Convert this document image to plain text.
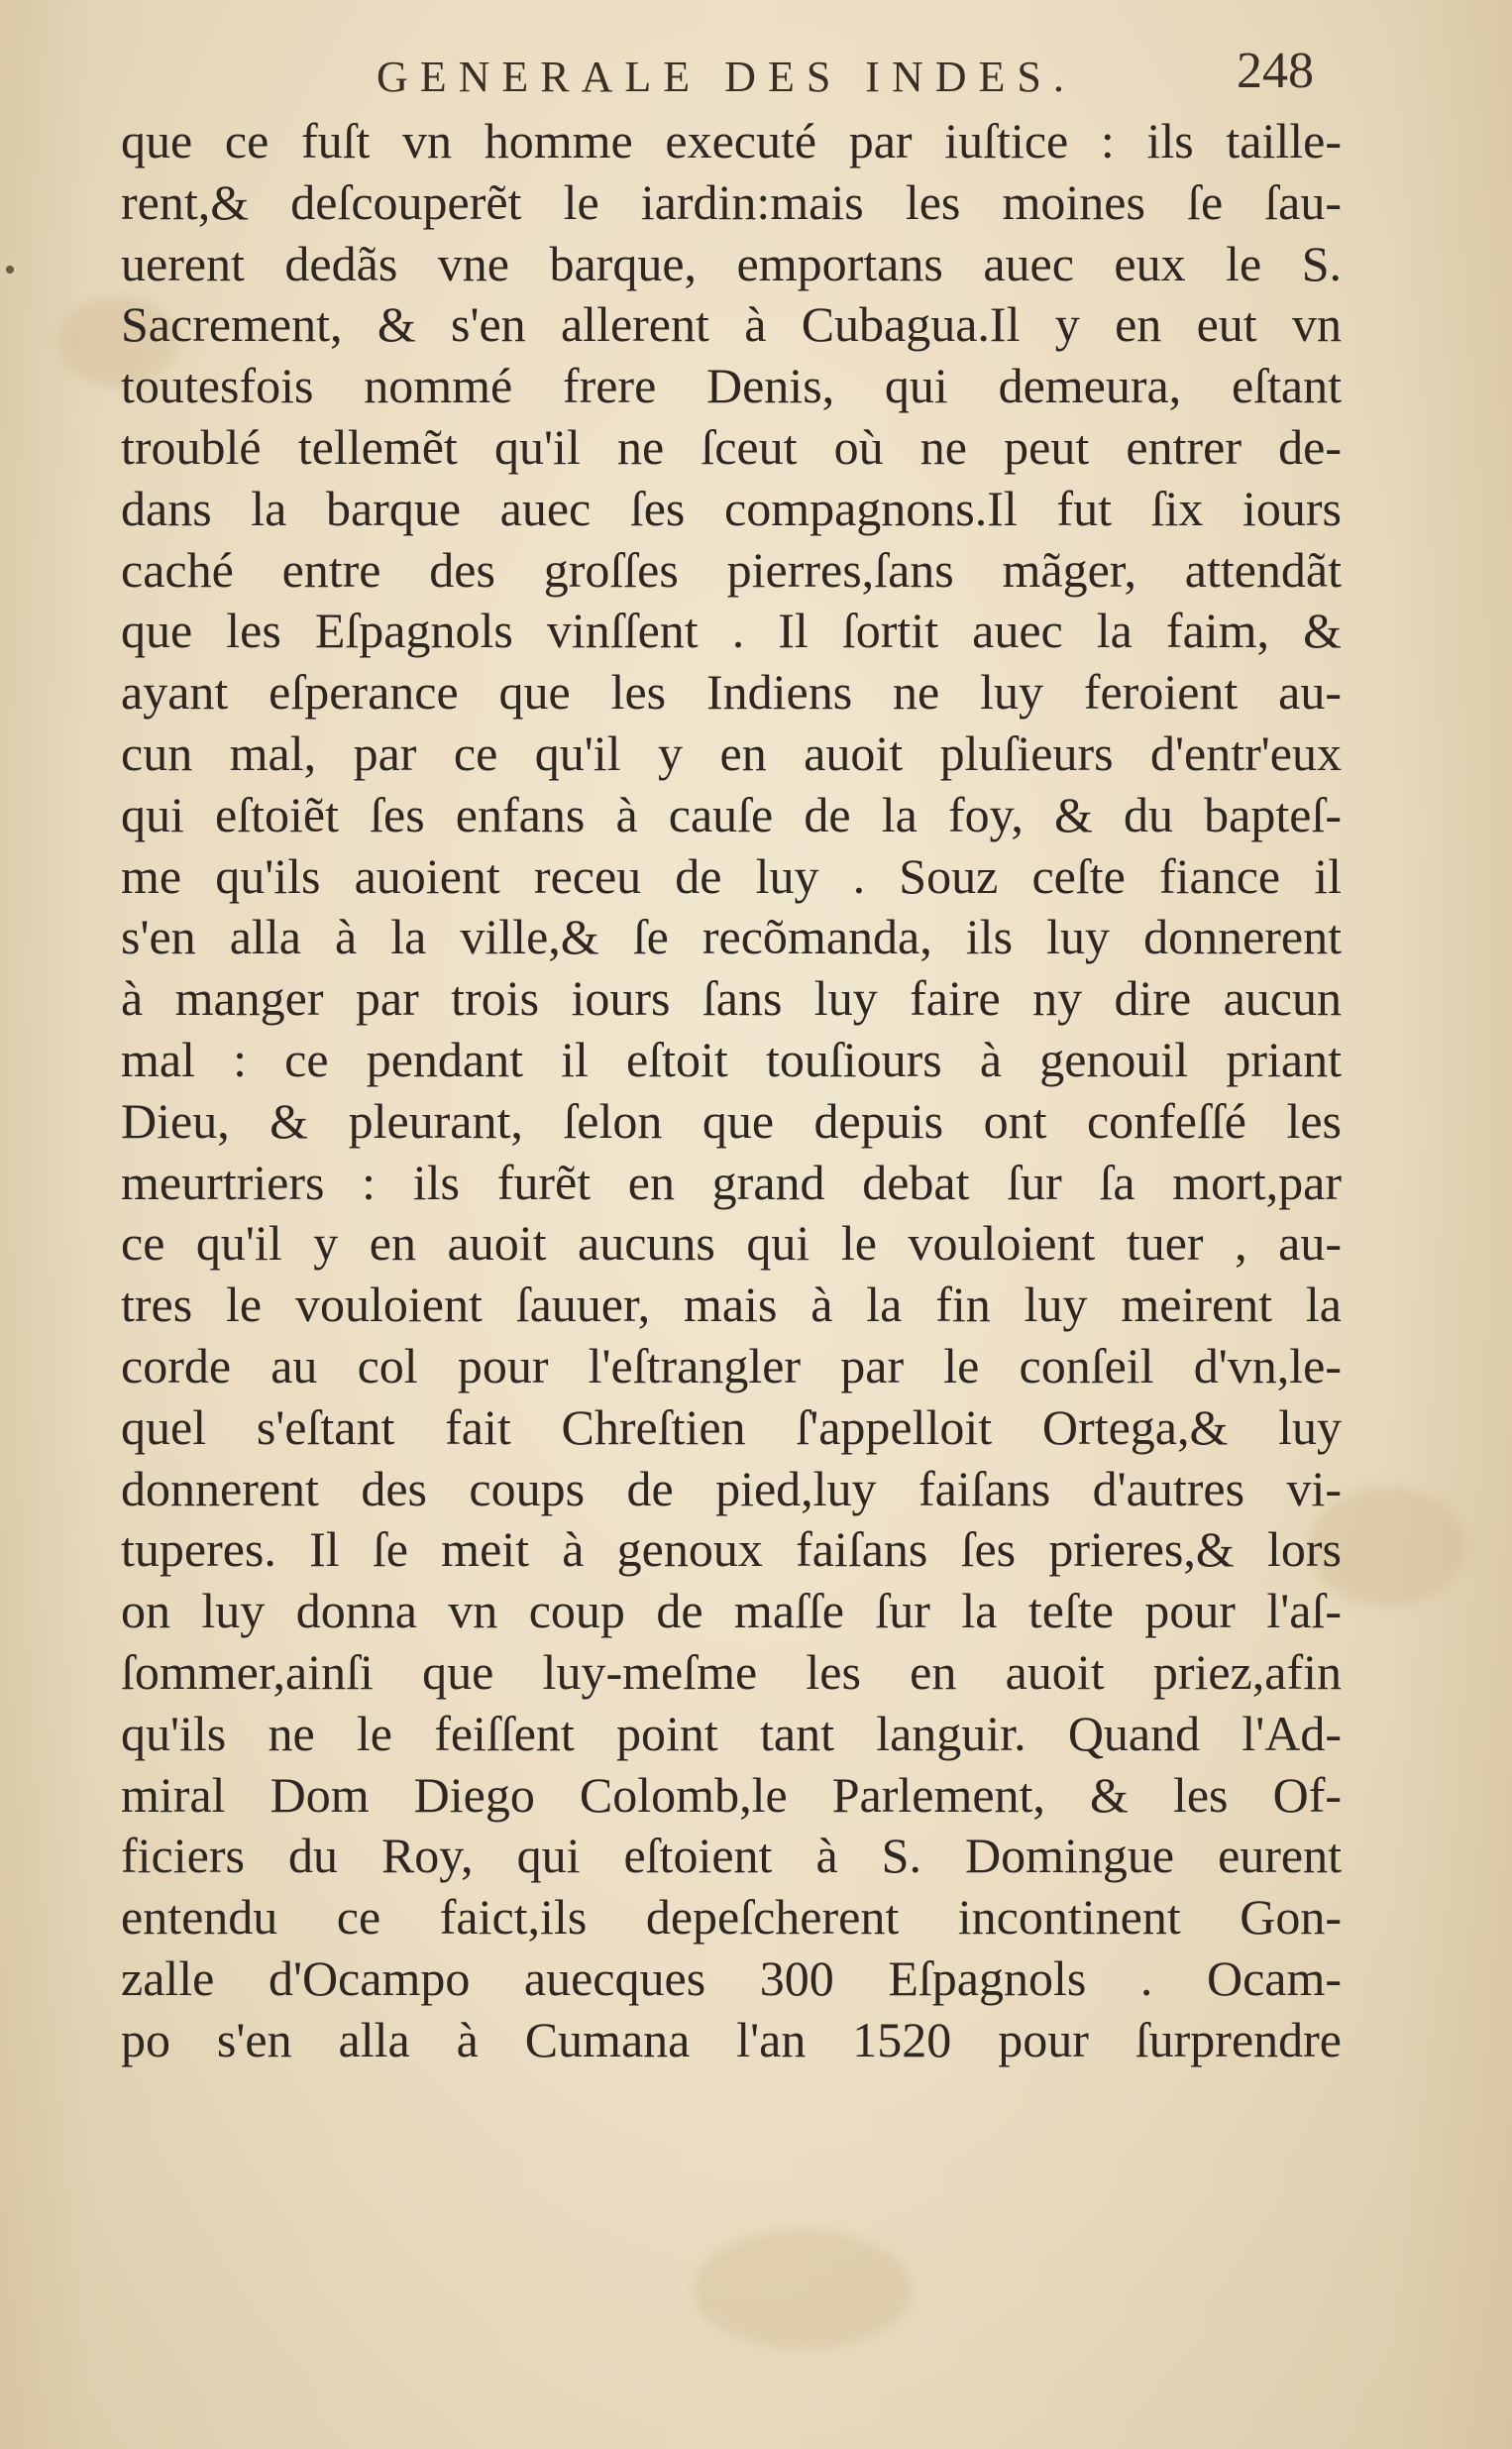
GENERALE DES INDES.	248
que ce fuſt vn homme executé par iuſtice : ils taille-
rent,& deſcouperẽt le iardin:mais les moines ſe ſau-
uerent dedãs vne barque, emportans auec eux le S.
Sacrement, & s'en allerent à Cubagua.Il y en eut vn
toutesfois nommé frere Denis, qui demeura, eſtant
troublé tellemẽt qu'il ne ſceut où ne peut entrer de-
dans la barque auec ſes compagnons.Il fut ſix iours
caché entre des groſſes pierres,ſans mãger, attendãt
que les Eſpagnols vinſſent . Il ſortit auec la faim, &
ayant eſperance que les Indiens ne luy feroient au-
cun mal, par ce qu'il y en auoit pluſieurs d'entr'eux
qui eſtoiẽt ſes enfans à cauſe de la foy, & du bapteſ-
me qu'ils auoient receu de luy . Souz ceſte fiance il
s'en alla à la ville,& ſe recõmanda, ils luy donnerent
à manger par trois iours ſans luy faire ny dire aucun
mal : ce pendant il eſtoit touſiours à genouil priant
Dieu, & pleurant, ſelon que depuis ont confeſſé les
meurtriers : ils furẽt en grand debat ſur ſa mort,par
ce qu'il y en auoit aucuns qui le vouloient tuer , au-
tres le vouloient ſauuer, mais à la fin luy meirent la
corde au col pour l'eſtrangler par le conſeil d'vn,le-
quel s'eſtant fait Chreſtien ſ'appelloit Ortega,& luy
donnerent des coups de pied,luy faiſans d'autres vi-
tuperes. Il ſe meit à genoux faiſans ſes prieres,& lors
on luy donna vn coup de maſſe ſur la teſte pour l'aſ-
ſommer,ainſi que luy-meſme les en auoit priez,afin
qu'ils ne le feiſſent point tant languir. Quand l'Ad-
miral Dom Diego Colomb,le Parlement, & les Of-
ficiers du Roy, qui eſtoient à S. Domingue eurent
entendu ce faict,ils depeſcherent incontinent Gon-
zalle d'Ocampo auecques 300 Eſpagnols . Ocam-
po s'en alla à Cumana l'an 1520 pour ſurprendre
